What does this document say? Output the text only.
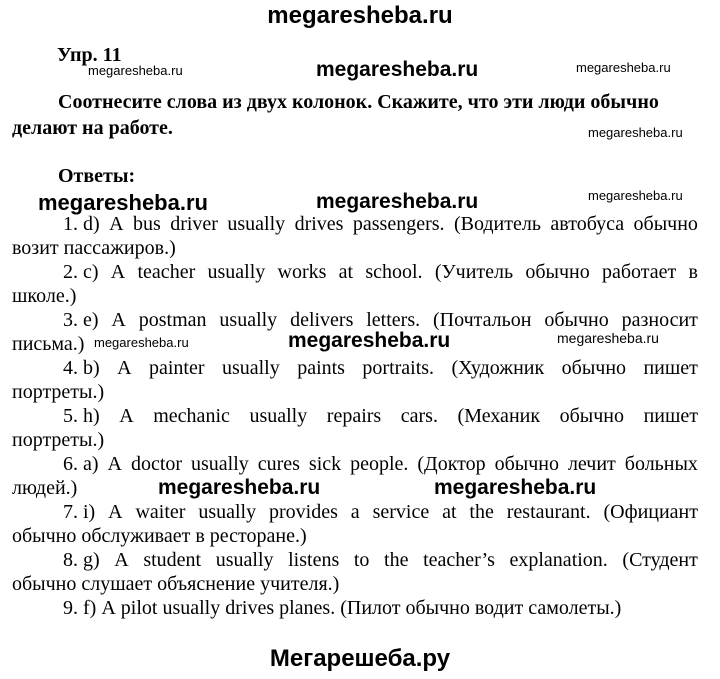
megaresheba.ru
Упр. 11
megaresheba.ru	megaresheba.ru	megaresheba.ru
Соотнесите слова из двух колонок. Скажите, что эти люди обычно
делают на работе.	megaresheba.ru
Ответы:
megaresheba.ru	megaresheba.ru	megaresheba.ru
1. d) A bus driver usually drives passengers. (Водитель автобуса обычно
возит пассажиров.)
2. c) A teacher usually works at school. (Учитель обычно работает в
школе.)
3. e) A postman usually delivers letters. (Почтальон обычно разносит
письма.)
4. b) A painter usually paints portraits. (Художник обычно пишет
портреты.)
5. h) A mechanic usually repairs cars. (Механик обычно пишет
портреты.)
6. a) A doctor usually cures sick people. (Доктор обычно лечит больных
людей.)
7. i) A waiter usually provides a service at the restaurant. (Официант
обычно обслуживает в ресторане.)
8. g) A student usually listens to the teacher’s explanation. (Студент
обычно слушает объяснение учителя.)
9. f) A pilot usually drives planes. (Пилот обычно водит самолеты.)
megaresheba.ru	megaresheba.ru	megaresheba.ru
megaresheba.ru	megaresheba.ru
Мегарешеба.ру
